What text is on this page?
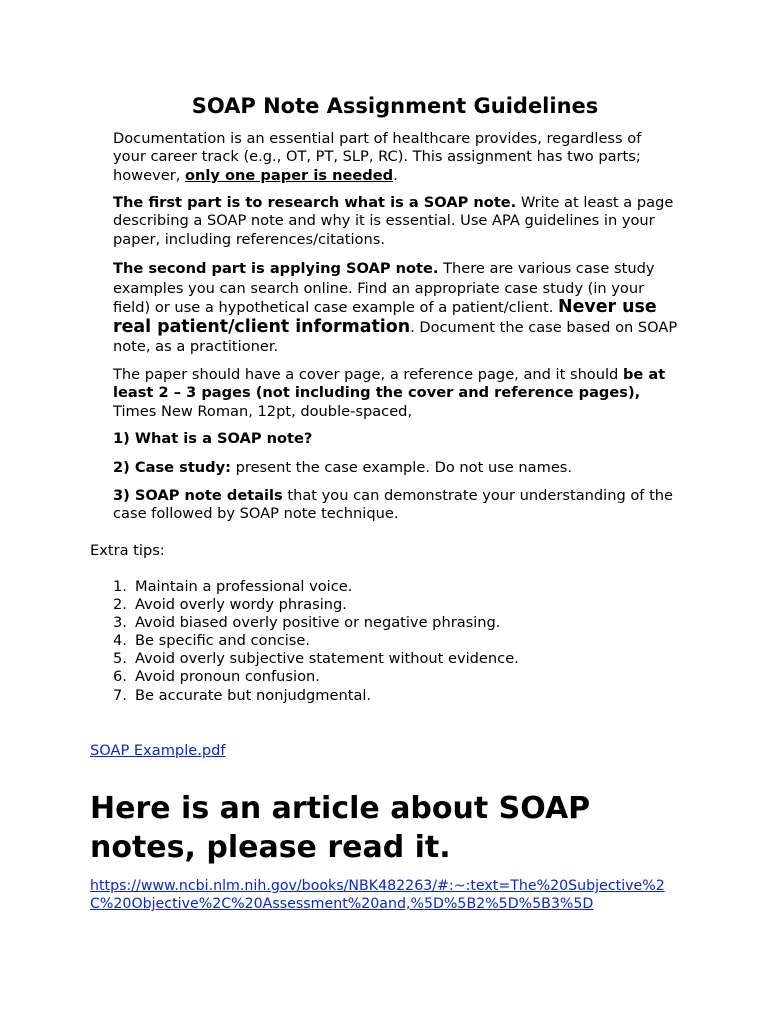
SOAP Note Assignment Guidelines

Documentation is an essential part of healthcare provides, regardless of your career track (e.g., OT, PT, SLP, RC). This assignment has two parts; however, only one paper is needed.

The first part is to research what is a SOAP note. Write at least a page describing a SOAP note and why it is essential. Use APA guidelines in your paper, including references/citations.

The second part is applying SOAP note. There are various case study examples you can search online. Find an appropriate case study (in your field) or use a hypothetical case example of a patient/client. Never use real patient/client information. Document the case based on SOAP note, as a practitioner.

The paper should have a cover page, a reference page, and it should be at least 2 – 3 pages (not including the cover and reference pages), Times New Roman, 12pt, double-spaced,

1) What is a SOAP note?

2) Case study: present the case example. Do not use names.

3) SOAP note details that you can demonstrate your understanding of the case followed by SOAP note technique.

Extra tips:

1. Maintain a professional voice.
2. Avoid overly wordy phrasing.
3. Avoid biased overly positive or negative phrasing.
4. Be specific and concise.
5. Avoid overly subjective statement without evidence.
6. Avoid pronoun confusion.
7. Be accurate but nonjudgmental.

SOAP Example.pdf

Here is an article about SOAP notes, please read it.
https://www.ncbi.nlm.nih.gov/books/NBK482263/#:~:text=The%20Subjective%2C%20Objective%2C%20Assessment%20and,%5D%5B2%5D%5B3%5D
